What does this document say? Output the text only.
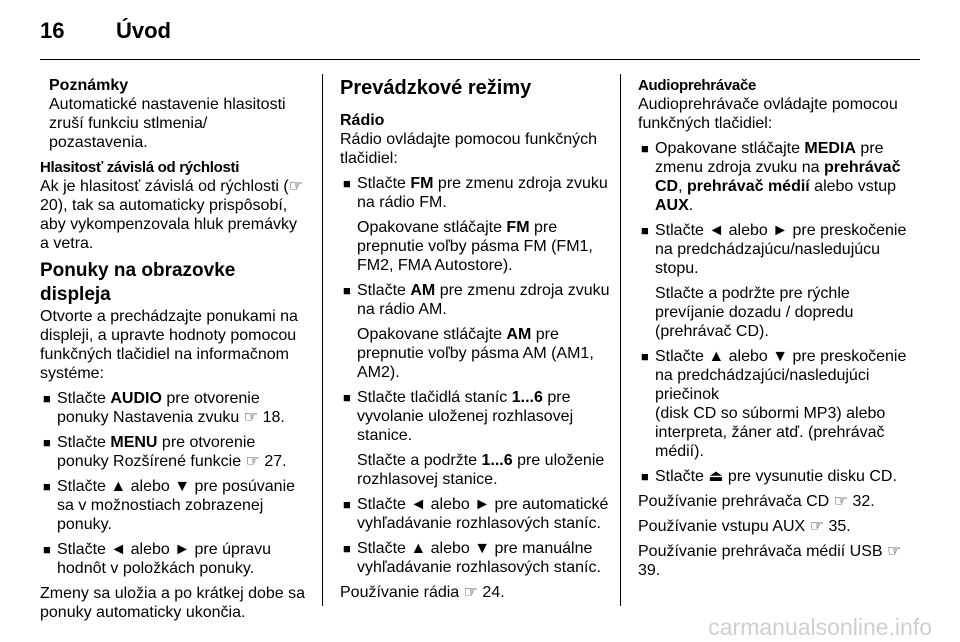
16 Úvod
Poznámky
Automatické nastavenie hlasitosti zruší funkciu stlmenia/ pozastavenia.
Hlasitosť závislá od rýchlosti
Ak je hlasitosť závislá od rýchlosti (☞ 20), tak sa automaticky prispôsobí, aby vykompenzovala hluk premávky a vetra.
Ponuky na obrazovke displeja
Otvorte a prechádzajte ponukami na displeji, a upravte hodnoty pomocou funkčných tlačidiel na informačnom systéme:
■ Stlačte AUDIO pre otvorenie ponuky Nastavenia zvuku ☞ 18.
■ Stlačte MENU pre otvorenie ponuky Rozšírené funkcie ☞ 27.
■ Stlačte ▲ alebo ▼ pre posúvanie sa v možnostiach zobrazenej ponuky.
■ Stlačte ◄ alebo ► pre úpravu hodnôt v položkách ponuky.
Zmeny sa uložia a po krátkej dobe sa ponuky automaticky ukončia.
Prevádzkové režimy
Rádio
Rádio ovládajte pomocou funkčných tlačidiel:
■ Stlačte FM pre zmenu zdroja zvuku na rádio FM.
Opakovane stláčajte FM pre prepnutie voľby pásma FM (FM1, FM2, FMA Autostore).
■ Stlačte AM pre zmenu zdroja zvuku na rádio AM.
Opakovane stláčajte AM pre prepnutie voľby pásma AM (AM1, AM2).
■ Stlačte tlačidlá staníc 1...6 pre vyvolanie uloženej rozhlasovej stanice.
Stlačte a podržte 1...6 pre uloženie rozhlasovej stanice.
■ Stlačte ◄ alebo ► pre automatické vyhľadávanie rozhlasových staníc.
■ Stlačte ▲ alebo ▼ pre manuálne vyhľadávanie rozhlasových staníc.
Používanie rádia ☞ 24.
Audioprehrávače
Audioprehrávače ovládajte pomocou funkčných tlačidiel:
■ Opakovane stláčajte MEDIA pre zmenu zdroja zvuku na prehrávač CD, prehrávač médií alebo vstup AUX.
■ Stlačte ◄ alebo ► pre preskočenie na predchádzajúcu/nasledujúcu stopu.
Stlačte a podržte pre rýchle prevíjanie dozadu / dopredu (prehrávač CD).
■ Stlačte ▲ alebo ▼ pre preskočenie na predchádzajúci/nasledujúci priečinok
(disk CD so súbormi MP3) alebo interpreta, žáner atď. (prehrávač médií).
■ Stlačte ⏏ pre vysunutie disku CD.
Používanie prehrávača CD ☞ 32.
Používanie vstupu AUX ☞ 35.
Používanie prehrávača médií USB ☞ 39.
carmanualsonline.info
